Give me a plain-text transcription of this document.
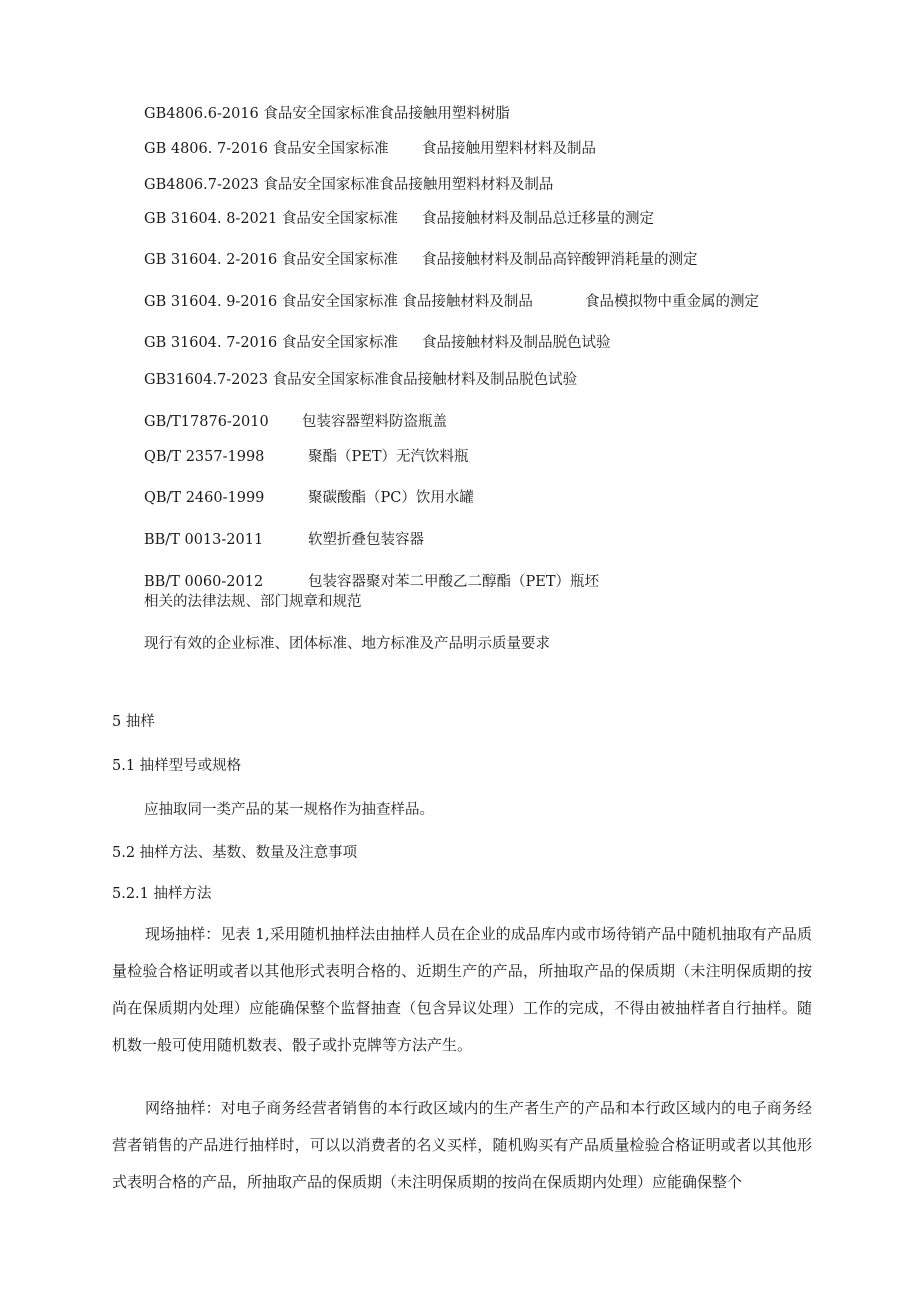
GB4806.6-2016 食品安全国家标准食品接触用塑料树脂
GB 4806. 7-2016 食品安全国家标准 食品接触用塑料材料及制品
GB4806.7-2023 食品安全国家标准食品接触用塑料材料及制品
GB 31604. 8-2021 食品安全国家标准 食品接触材料及制品总迁移量的测定
GB 31604. 2-2016 食品安全国家标准 食品接触材料及制品高锌酸钾消耗量的测定
GB 31604. 9-2016 食品安全国家标准 食品接触材料及制品	食品模拟物中重金属的测定
GB 31604. 7-2016 食品安全国家标准 食品接触材料及制品脱色试验
GB31604.7-2023 食品安全国家标准食品接触材料及制品脱色试验
GB/T17876-2010 包装容器塑料防盗瓶盖
QB/T 2357-1998	聚酯（PET）无汽饮料瓶
QB/T 2460-1999	聚碳酸酯（PC）饮用水罐
BB/T 0013-2011	软塑折叠包装容器
BB/T 0060-2012	包装容器聚对苯二甲酸乙二醇酯（PET）瓶坯
相关的法律法规、部门规章和规范
现行有效的企业标准、团体标准、地方标准及产品明示质量要求
5 抽样
5.1 抽样型号或规格
应抽取同一类产品的某一规格作为抽查样品。
5.2 抽样方法、基数、数量及注意事项
5.2.1 抽样方法

现场抽样：见表 1,采用随机抽样法由抽样人员在企业的成品库内或市场待销产品中随机抽取有产品质量检验合格证明或者以其他形式表明合格的、近期生产的产品，所抽取产品的保质期（未注明保质期的按尚在保质期内处理）应能确保整个监督抽查（包含异议处理）工作的完成，不得由被抽样者自行抽样。随机数一般可使用随机数表、骰子或扑克牌等方法产生。

网络抽样：对电子商务经营者销售的本行政区域内的生产者生产的产品和本行政区域内的电子商务经营者销售的产品进行抽样时，可以以消费者的名义买样，随机购买有产品质量检验合格证明或者以其他形式表明合格的产品，所抽取产品的保质期（未注明保质期的按尚在保质期内处理）应能确保整个
